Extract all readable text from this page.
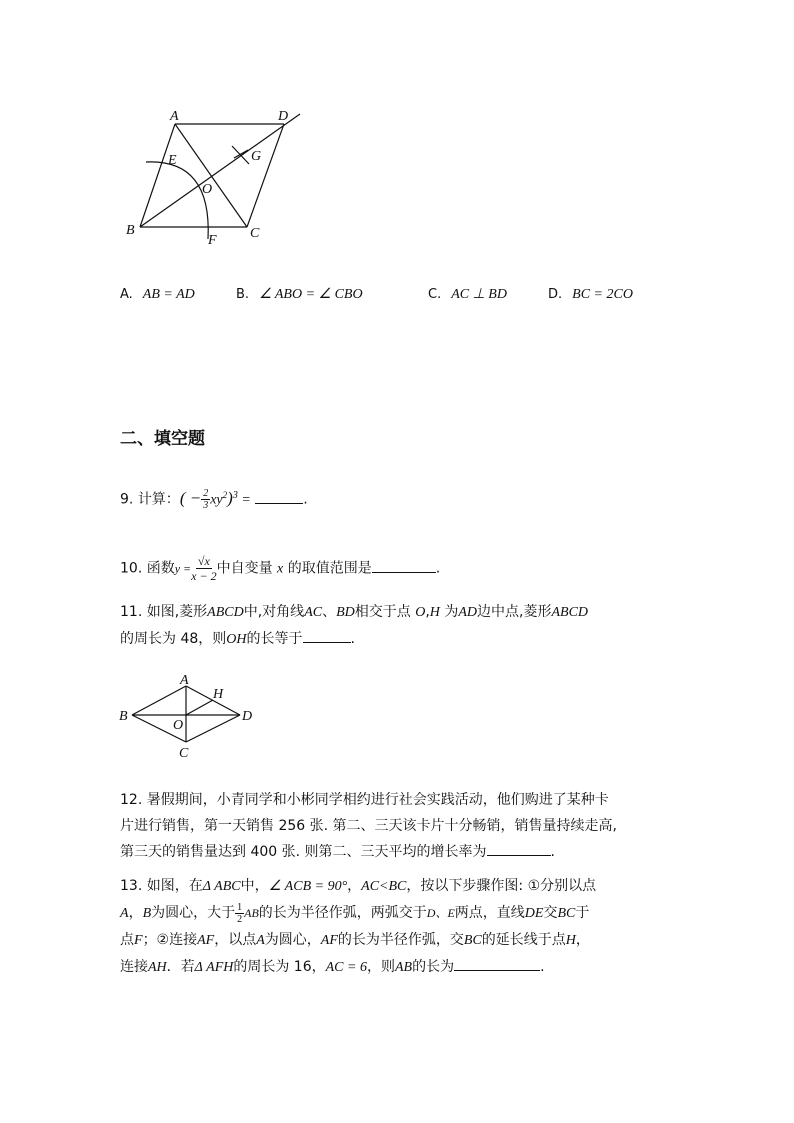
A	D
E	G
O
B	C
F
A. AB = AD	B. ∠ ABO = ∠ CBO	C. AC ⊥ BD	D. BC = 2CO
二、填空题
9. 计算：( − $\frac{2}{3} xy^2)^3$ =	.
10. 函数$y = \frac{√x}{x - 2}$ 中自变量 x 的取值范围是	.
11. 如图,菱形ABCD中,对角线AC、BD相交于点 O,H 为AD边中点,菱形ABCD
的周长为 48，则OH的长等于	.
A
H
B
O
D
C
12. 暑假期间，小青同学和小彬同学相约进行社会实践活动，他们购进了某种卡
片进行销售，第一天销售 256 张. 第二、三天该卡片十分畅销，销售量持续走高,
第三天的销售量达到 400 张. 则第二、三天平均的增长率为	.
13. 如图，在Δ ABC中，∠ ACB = 90°，AC<BC，按以下步骤作图: ①分别以点
A，B为圆心，大于 $\frac{1}{2}$ AB的长为半径作弧，两弧交于D、E两点，直线DE交BC于
点F；②连接AF，以点A为圆心，AF的长为半径作弧，交BC的延长线于点H，
连接AH．若Δ AFH的周长为 16，AC = 6，则AB的长为	.
